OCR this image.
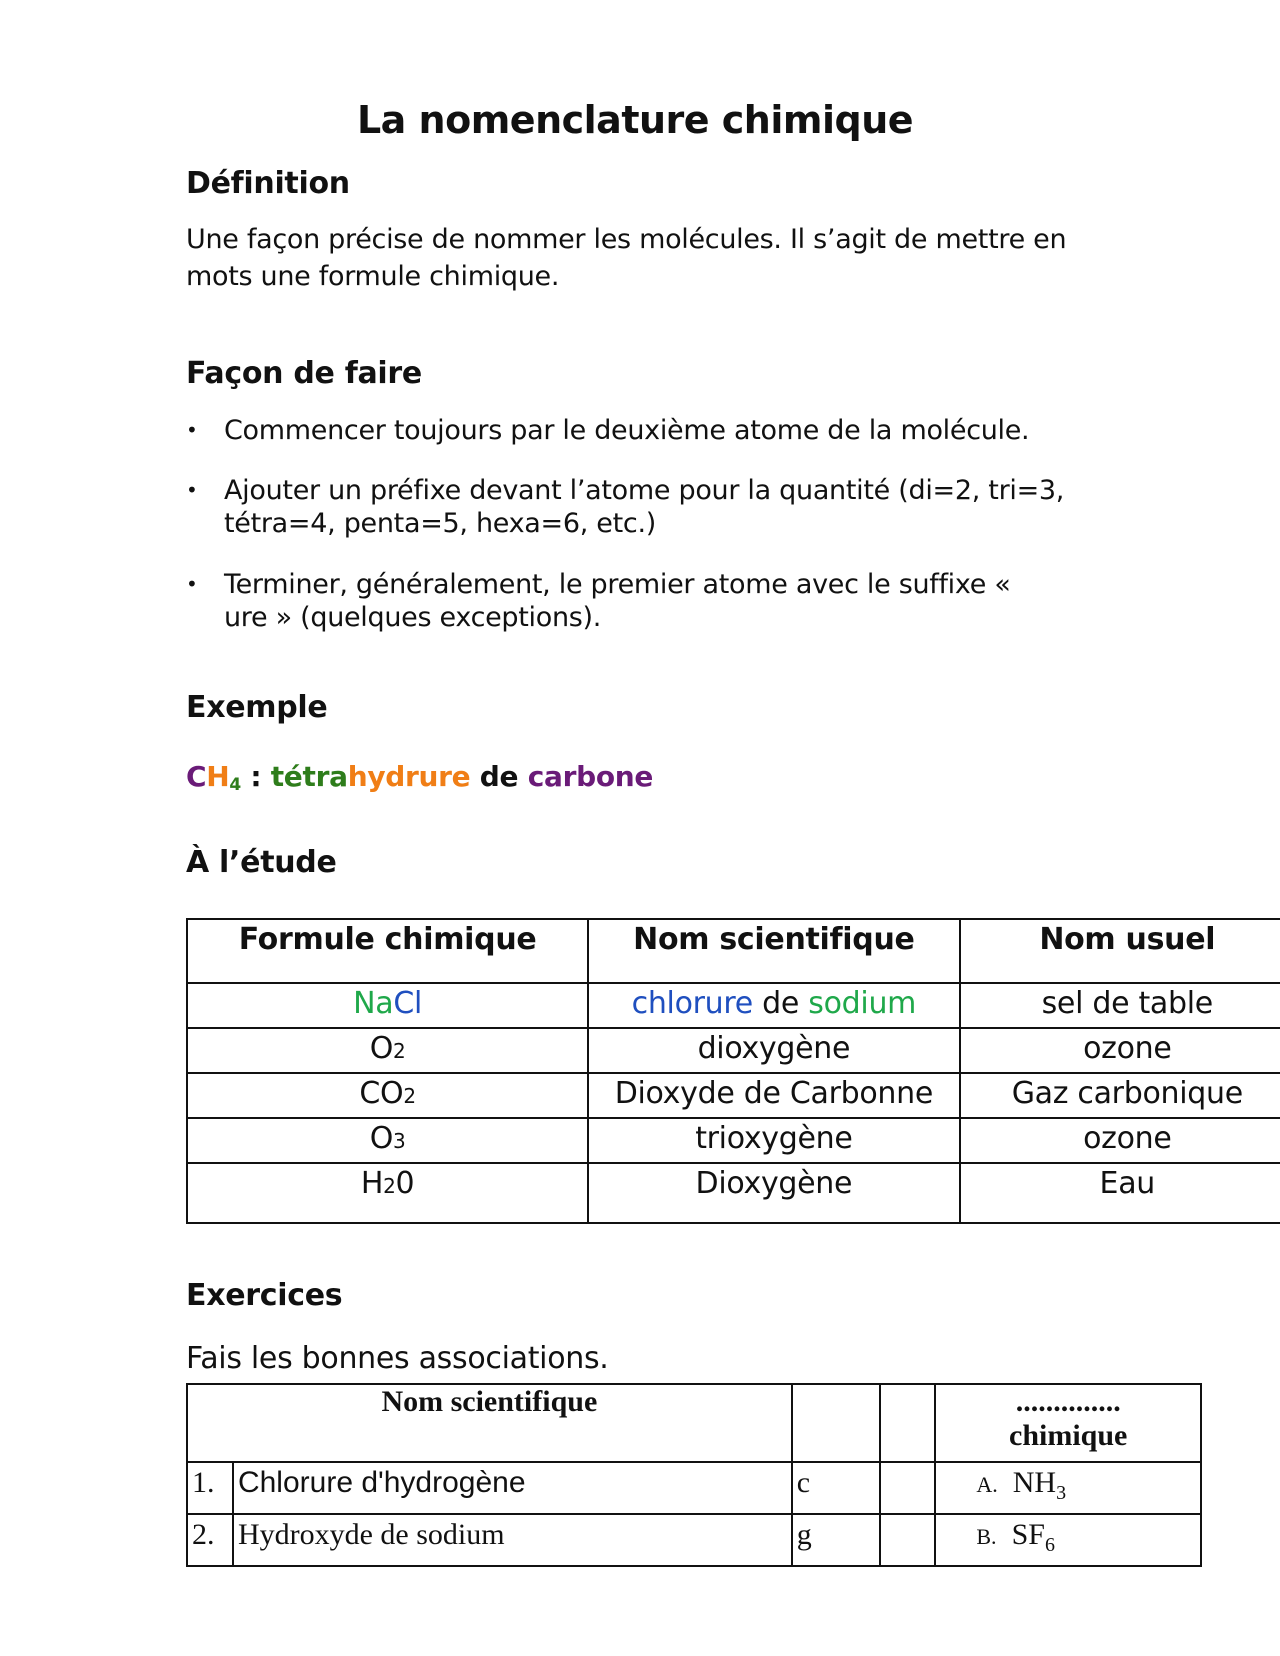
La nomenclature chimique
Définition
Une façon précise de nommer les molécules. Il s’agit de mettre en mots une formule chimique.
Façon de faire
• Commencer toujours par le deuxième atome de la molécule.
• Ajouter un préfixe devant l’atome pour la quantité (di=2, tri=3, tétra=4, penta=5, hexa=6, etc.)
• Terminer, généralement, le premier atome avec le suffixe « ure » (quelques exceptions).
Exemple
$CH_4$ : tétrahydrure de carbone
À l’étude
Formule chimique	Nom scientifique	Nom usuel
NaCl	chlorure de sodium	sel de table
O2	dioxygène	ozone
CO2	Dioxyde de Carbonne	Gaz carbonique
O3	trioxygène	ozone
H20	Dioxygène	Eau
Exercices
Fais les bonnes associations.
Nom scientifique				..............
chimique

1.	Chlorure d'hydrogène	c		A. $NH_3$
2.	Hydroxyde de sodium	g		B. $SF_6$
